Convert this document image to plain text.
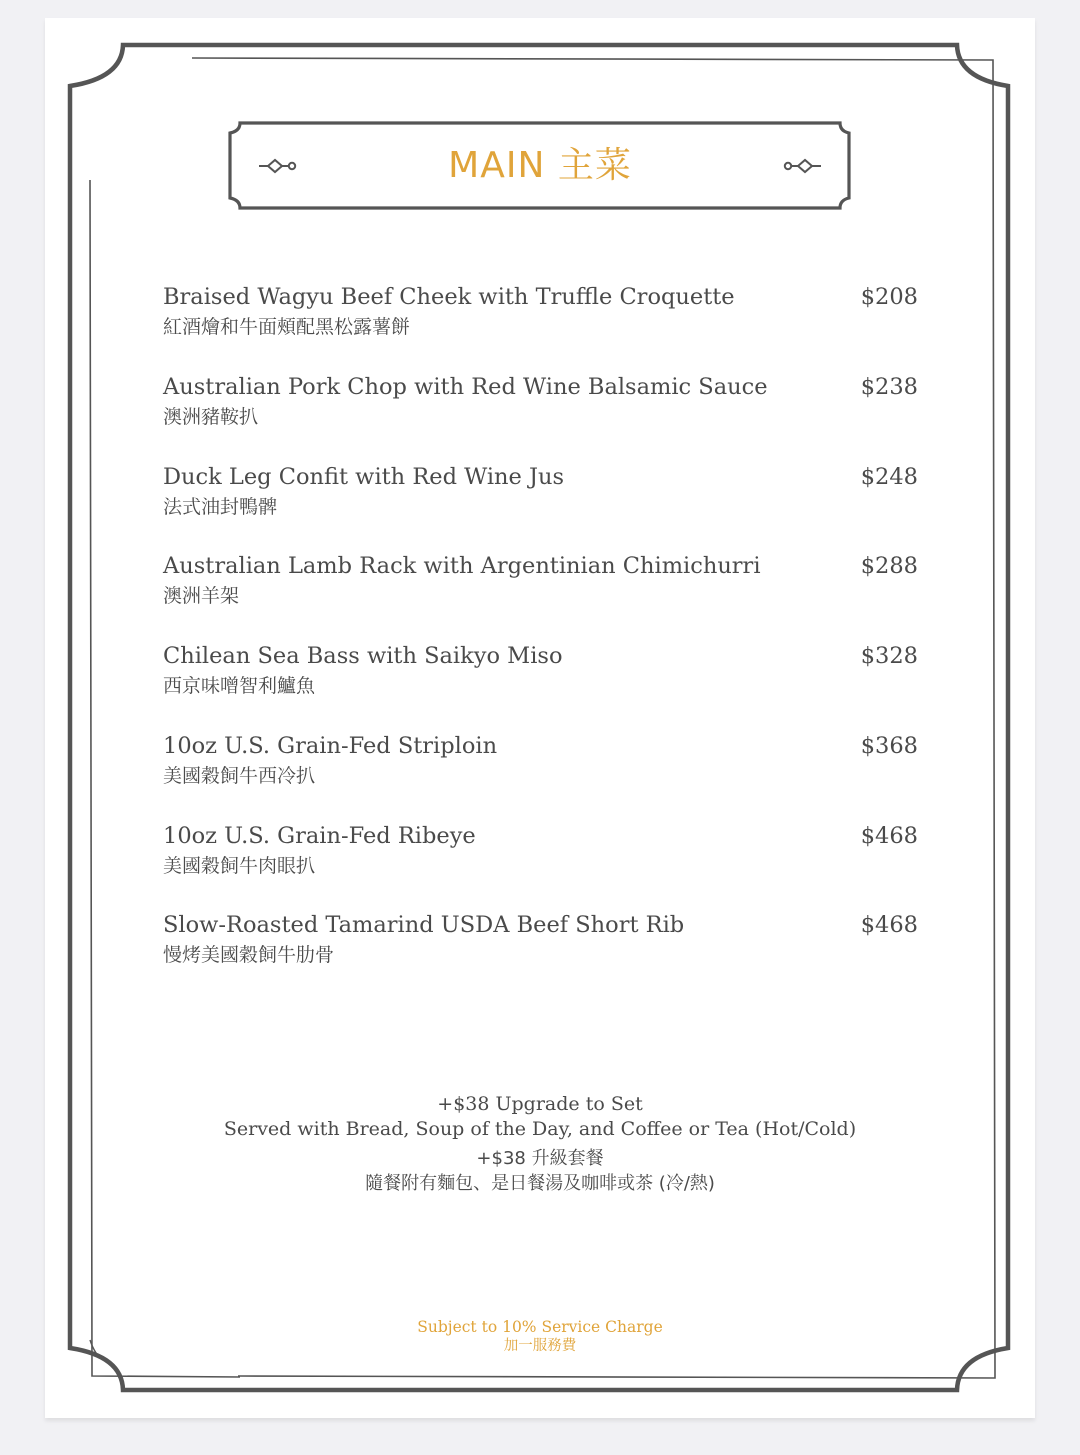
MAIN 主菜
Braised Wagyu Beef Cheek with Truffle Croquette
紅酒燴和牛面頰配黑松露薯餅
$208
Australian Pork Chop with Red Wine Balsamic Sauce
澳洲豬鞍扒
$238
Duck Leg Confit with Red Wine Jus
法式油封鴨髀
$248
Australian Lamb Rack with Argentinian Chimichurri
澳洲羊架
$288
Chilean Sea Bass with Saikyo Miso
西京味噌智利鱸魚
$328
10oz U.S. Grain-Fed Striploin
美國穀飼牛西冷扒
$368
10oz U.S. Grain-Fed Ribeye
美國穀飼牛肉眼扒
$468
Slow-Roasted Tamarind USDA Beef Short Rib
慢烤美國穀飼牛肋骨
$468
+$38 Upgrade to Set
Served with Bread, Soup of the Day, and Coffee or Tea (Hot/Cold)
+$38 升級套餐
隨餐附有麵包、是日餐湯及咖啡或茶 (冷/熱)
Subject to 10% Service Charge
加一服務費
